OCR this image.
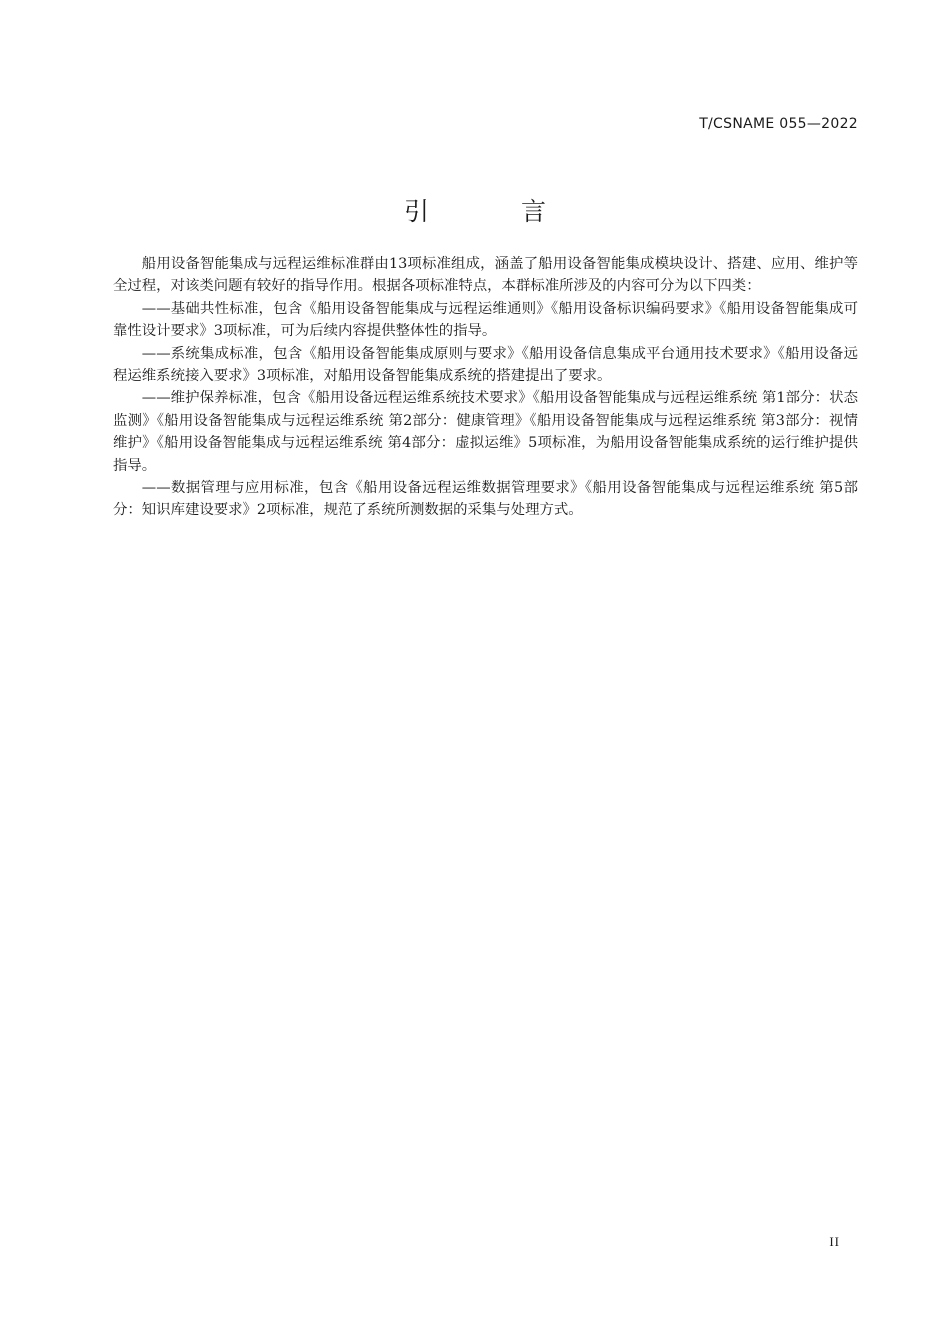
T/CSNAME 055—2022
引 言

船用设备智能集成与远程运维标准群由13项标准组成，涵盖了船用设备智能集成模块设计、搭建、应用、维护等全过程，对该类问题有较好的指导作用。根据各项标准特点，本群标准所涉及的内容可分为以下四类：

——基础共性标准，包含《船用设备智能集成与远程运维通则》《船用设备标识编码要求》《船用设备智能集成可靠性设计要求》3项标准，可为后续内容提供整体性的指导。

——系统集成标准，包含《船用设备智能集成原则与要求》《船用设备信息集成平台通用技术要求》《船用设备远程运维系统接入要求》3项标准，对船用设备智能集成系统的搭建提出了要求。

——维护保养标准，包含《船用设备远程运维系统技术要求》《船用设备智能集成与远程运维系统 第1部分：状态监测》《船用设备智能集成与远程运维系统 第2部分：健康管理》《船用设备智能集成与远程运维系统 第3部分：视情维护》《船用设备智能集成与远程运维系统 第4部分：虚拟运维》5项标准，为船用设备智能集成系统的运行维护提供指导。

——数据管理与应用标准，包含《船用设备远程运维数据管理要求》《船用设备智能集成与远程运维系统 第5部分：知识库建设要求》2项标准，规范了系统所测数据的采集与处理方式。

II
